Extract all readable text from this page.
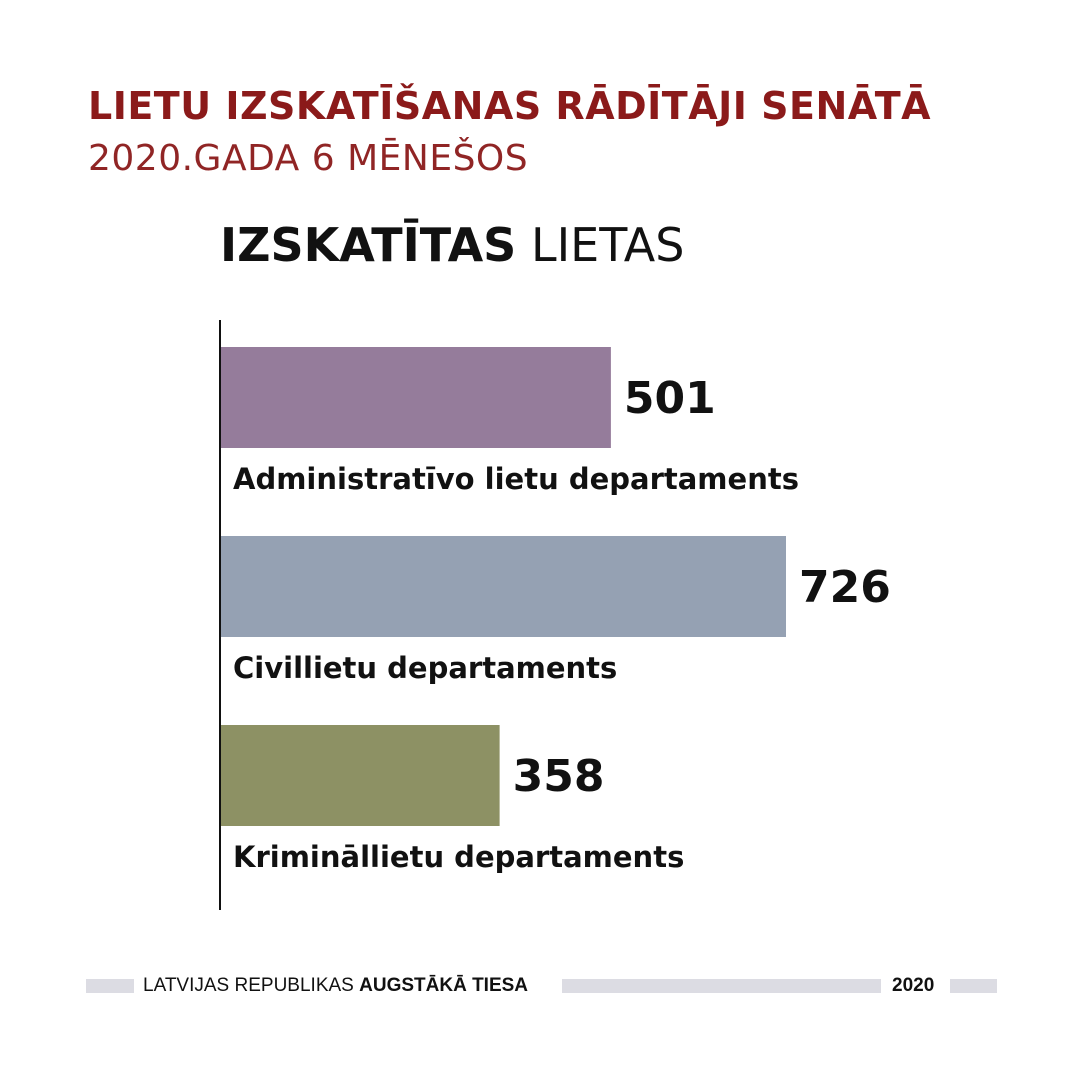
LIETU IZSKATĪŠANAS RĀDĪTĀJI SENĀTĀ
2020.GADA 6 MĒNEŠOS
IZSKATĪTAS LIETAS
501
Administratīvo lietu departaments
726
Civillietu departaments
358
Krimināllietu departaments
LATVIJAS REPUBLIKAS AUGSTĀKĀ TIESA	2020
